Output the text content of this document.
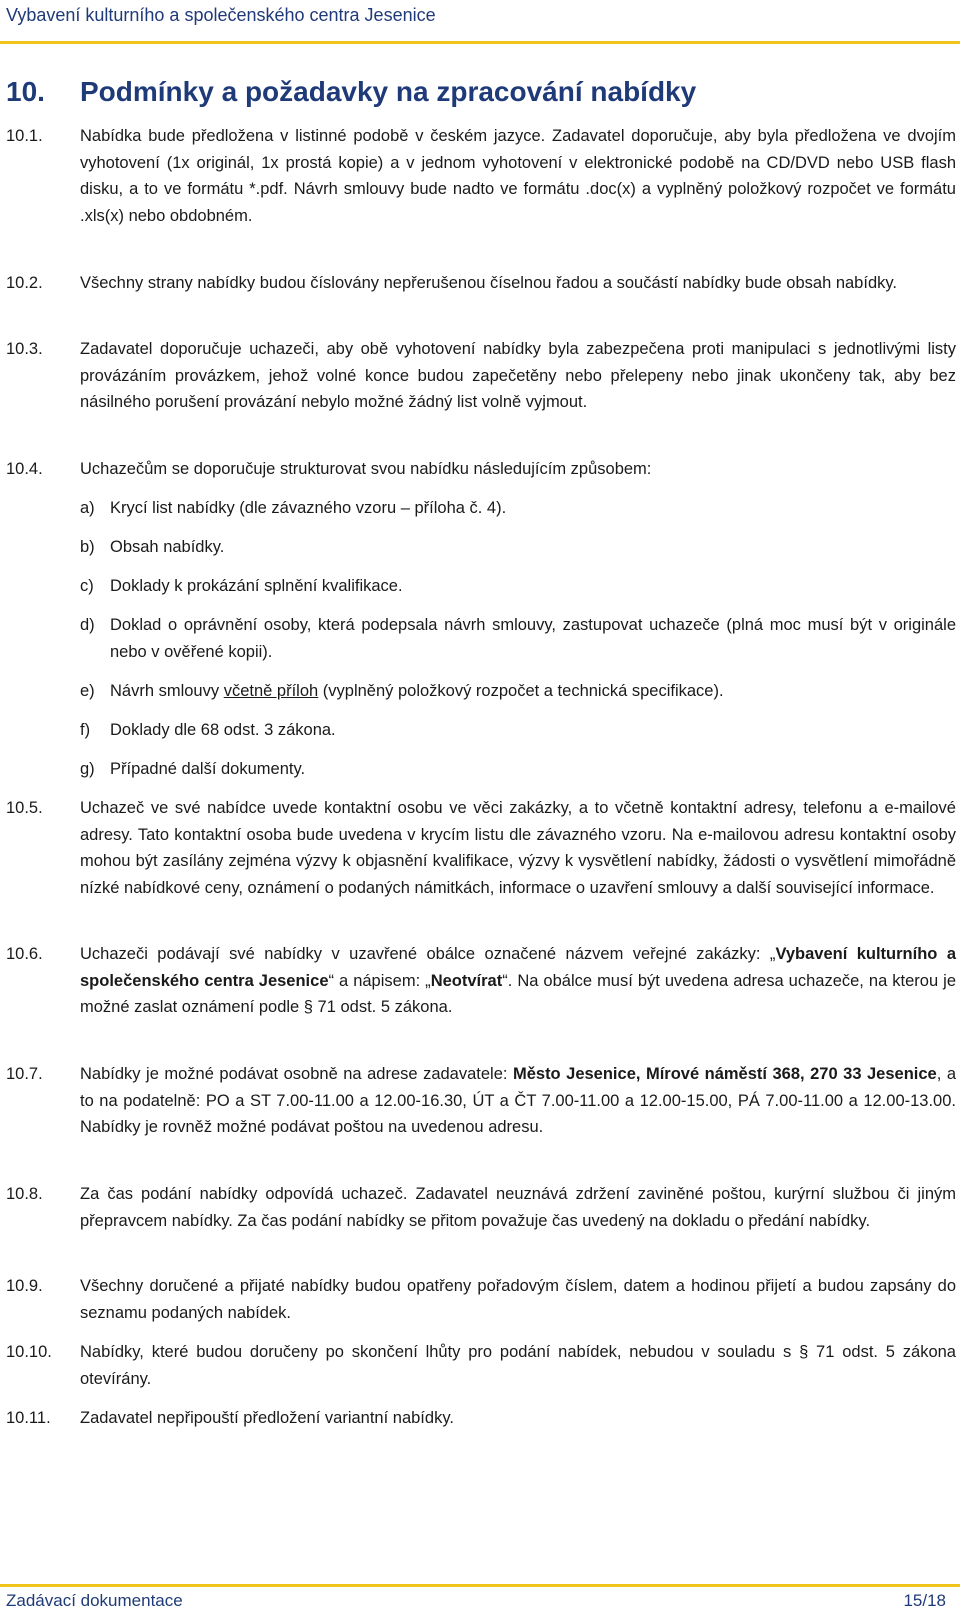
Vybavení kulturního a společenského centra Jesenice
10.	Podmínky a požadavky na zpracování nabídky
10.1.	Nabídka bude předložena v listinné podobě v českém jazyce. Zadavatel doporučuje, aby byla předložena ve dvojím vyhotovení (1x originál, 1x prostá kopie) a v jednom vyhotovení v elektronické podobě na CD/DVD nebo USB flash disku, a to ve formátu *.pdf. Návrh smlouvy bude nadto ve formátu .doc(x) a vyplněný položkový rozpočet ve formátu .xls(x) nebo obdobném.
10.2.	Všechny strany nabídky budou číslovány nepřerušenou číselnou řadou a součástí nabídky bude obsah nabídky.
10.3.	Zadavatel doporučuje uchazeči, aby obě vyhotovení nabídky byla zabezpečena proti manipulaci s jednotlivými listy provázáním provázkem, jehož volné konce budou zapečetěny nebo přelepeny nebo jinak ukončeny tak, aby bez násilného porušení provázání nebylo možné žádný list volně vyjmout.
10.4.	Uchazečům se doporučuje strukturovat svou nabídku následujícím způsobem:
a) Krycí list nabídky (dle závazného vzoru – příloha č. 4).
b) Obsah nabídky.
c) Doklady k prokázání splnění kvalifikace.
d) Doklad o oprávnění osoby, která podepsala návrh smlouvy, zastupovat uchazeče (plná moc musí být v originále nebo v ověřené kopii).
e) Návrh smlouvy včetně příloh (vyplněný položkový rozpočet a technická specifikace).
f)	Doklady dle 68 odst. 3 zákona.
g) Případné další dokumenty.
10.5.	Uchazeč ve své nabídce uvede kontaktní osobu ve věci zakázky, a to včetně kontaktní adresy, telefonu a e-mailové adresy. Tato kontaktní osoba bude uvedena v krycím listu dle závazného vzoru. Na e-mailovou adresu kontaktní osoby mohou být zasílány zejména výzvy k objasnění kvalifikace, výzvy k vysvětlení nabídky, žádosti o vysvětlení mimořádně nízké nabídkové ceny, oznámení o podaných námitkách, informace o uzavření smlouvy a další související informace.
10.6.	Uchazeči podávají své nabídky v uzavřené obálce označené názvem veřejné zakázky: „Vybavení kulturního a společenského centra Jesenice“ a nápisem: „Neotvírat“. Na obálce musí být uvedena adresa uchazeče, na kterou je možné zaslat oznámení podle § 71 odst. 5 zákona.
10.7.	Nabídky je možné podávat osobně na adrese zadavatele: Město Jesenice, Mírové náměstí 368, 270 33 Jesenice, a to na podatelně: PO a ST 7.00-11.00 a 12.00-16.30, ÚT a ČT 7.00-11.00 a 12.00-15.00, PÁ 7.00-11.00 a 12.00-13.00. Nabídky je rovněž možné podávat poštou na uvedenou adresu.
10.8.	Za čas podání nabídky odpovídá uchazeč. Zadavatel neuznává zdržení zaviněné poštou, kurýrní službou či jiným přepravcem nabídky. Za čas podání nabídky se přitom považuje čas uvedený na dokladu o předání nabídky.
10.9.	Všechny doručené a přijaté nabídky budou opatřeny pořadovým číslem, datem a hodinou přijetí a budou zapsány do seznamu podaných nabídek.
10.10.	Nabídky, které budou doručeny po skončení lhůty pro podání nabídek, nebudou v souladu s § 71 odst. 5 zákona otevírány.
10.11.	Zadavatel nepřipouští předložení variantní nabídky.
Zadávací dokumentace	15/18
